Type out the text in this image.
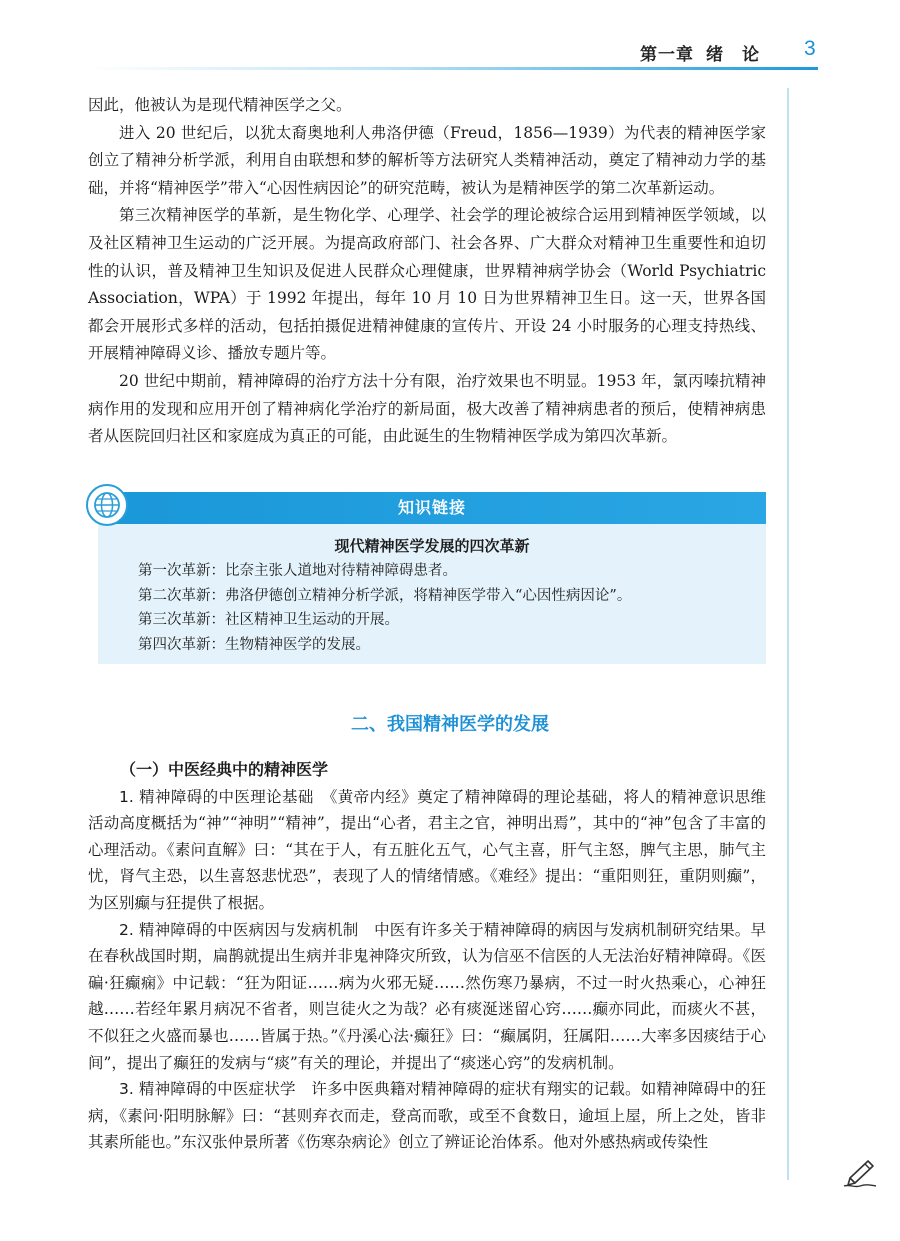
第一章 绪　论	3

因此，他被认为是现代精神医学之父。

进入 20 世纪后，以犹太裔奥地利人弗洛伊德（Freud，1856—1939）为代表的精神医学家创立了精神分析学派，利用自由联想和梦的解析等方法研究人类精神活动，奠定了精神动力学的基础，并将“精神医学”带入“心因性病因论”的研究范畴，被认为是精神医学的第二次革新运动。

第三次精神医学的革新，是生物化学、心理学、社会学的理论被综合运用到精神医学领域，以及社区精神卫生运动的广泛开展。为提高政府部门、社会各界、广大群众对精神卫生重要性和迫切性的认识，普及精神卫生知识及促进人民群众心理健康，世界精神病学协会（World Psychiatric Association，WPA）于 1992 年提出，每年 10 月 10 日为世界精神卫生日。这一天，世界各国都会开展形式多样的活动，包括拍摄促进精神健康的宣传片、开设 24 小时服务的心理支持热线、开展精神障碍义诊、播放专题片等。

20 世纪中期前，精神障碍的治疗方法十分有限，治疗效果也不明显。1953 年，氯丙嗪抗精神病作用的发现和应用开创了精神病化学治疗的新局面，极大改善了精神病患者的预后，使精神病患者从医院回归社区和家庭成为真正的可能，由此诞生的生物精神医学成为第四次革新。

知识链接
现代精神医学发展的四次革新
第一次革新：比奈主张人道地对待精神障碍患者。
第二次革新：弗洛伊德创立精神分析学派，将精神医学带入“心因性病因论”。
第三次革新：社区精神卫生运动的开展。
第四次革新：生物精神医学的发展。
二、我国精神医学的发展

（一）中医经典中的精神医学

1. 精神障碍的中医理论基础　 《黄帝内经》奠定了精神障碍的理论基础，将人的精神意识思维活动高度概括为“神”“神明”“精神”，提出“心者，君主之官，神明出焉”，其中的“神”包含了丰富的心理活动。《素问直解》曰：“其在于人，有五脏化五气，心气主喜，肝气主怒，脾气主思，肺气主忧，肾气主恐，以生喜怒悲忧恐”，表现了人的情绪情感。《难经》提出：“重阳则狂，重阴则癫”，为区别癫与狂提供了根据。

2. 精神障碍的中医病因与发病机制　 中医有许多关于精神障碍的病因与发病机制研究结果。早在春秋战国时期，扁鹊就提出生病并非鬼神降灾所致，认为信巫不信医的人无法治好精神障碍。《医碥·狂癫痫》中记载：“狂为阳证……病为火邪无疑……然伤寒乃暴病，不过一时火热乘心，心神狂越……若经年累月病况不省者，则岂徒火之为哉？必有痰涎迷留心窍……癫亦同此，而痰火不甚，不似狂之火盛而暴也……皆属于热。”《丹溪心法·癫狂》曰：“癫属阴，狂属阳……大率多因痰结于心间”，提出了癫狂的发病与“痰”有关的理论，并提出了“痰迷心窍”的发病机制。

3. 精神障碍的中医症状学　 许多中医典籍对精神障碍的症状有翔实的记载。如精神障碍中的狂病，《素问·阳明脉解》曰：“甚则弃衣而走，登高而歌，或至不食数日，逾垣上屋，所上之处，皆非其素所能也。”东汉张仲景所著《伤寒杂病论》创立了辨证论治体系。他对外感热病或传染性
